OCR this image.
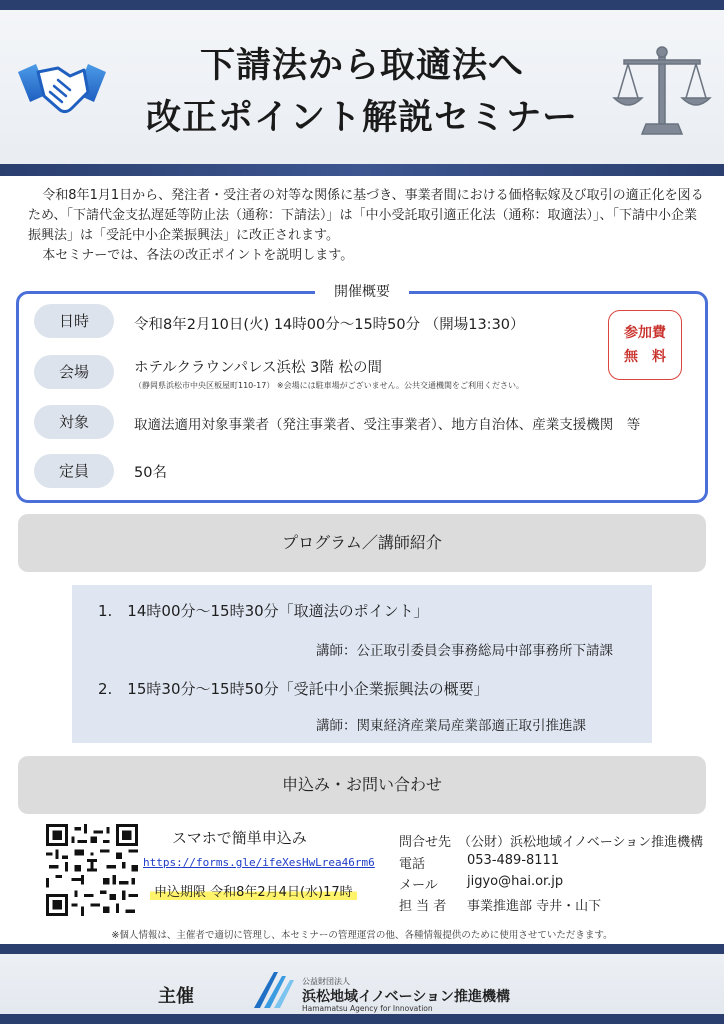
下請法から取適法へ
改正ポイント解説セミナー

令和8年1月1日から、発注者・受注者の対等な関係に基づき、事業者間における価格転嫁及び取引の適正化を図るため、「下請代金支払遅延等防止法（通称：下請法）」は「中小受託取引適正化法（通称：取適法）」、「下請中小企業振興法」は「受託中小企業振興法」に改正されます。

本セミナーでは、各法の改正ポイントを説明します。

開催概要
日時	令和8年2月10日(火) 14時00分～15時50分 （開場13:30）
会場	ホテルクラウンパレス浜松 3階 松の間
（静岡県浜松市中央区板屋町110-17） ※会場には駐車場がございません。公共交通機関をご利用ください。
対象	取適法適用対象事業者（発注事業者、受注事業者）、地方自治体、産業支援機関　等
定員	50名
参加費
無　料
プログラム／講師紹介
1.　14時00分～15時30分「取適法のポイント」
講師：公正取引委員会事務総局中部事務所下請課
2.　15時30分～15時50分「受託中小企業振興法の概要」
講師：関東経済産業局産業部適正取引推進課
申込み・お問い合わせ
スマホで簡単申込み
https://forms.gle/ifeXesHwLrea46rm6
申込期限 令和8年2月4日(水)17時
問合せ先 （公財）浜松地域イノベーション推進機構
電話	053-489-8111
メール jigyo@hai.or.jp
担 当 者 事業推進部 寺井・山下
※個人情報は、主催者で適切に管理し、本セミナーの管理運営の他、各種情報提供のために使用させていただきます。
主催
公益財団法人
浜松地域イノベーション推進機構
Hamamatsu Agency for Innovation
